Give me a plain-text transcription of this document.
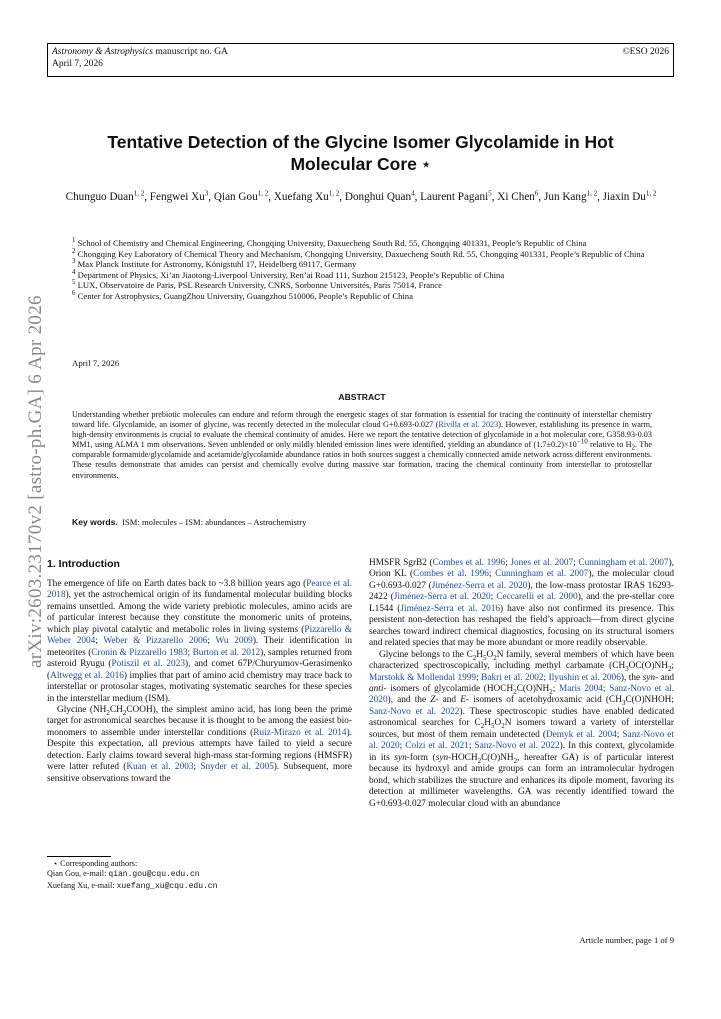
Astronomy & Astrophysics manuscript no. GA
April 7, 2026
©ESO 2026
arXiv:2603.23170v2 [astro-ph.GA] 6 Apr 2026
Tentative Detection of the Glycine Isomer Glycolamide in Hot
Molecular Core ⋆
Chunguo Duan$^{1, 2}$, Fengwei Xu$^3$, Qian Gou$^{1, 2}$, Xuefang Xu$^{1, 2}$, Donghui Quan$^4$, Laurent Pagani$^5$, Xi Chen$^6$, Jun Kang$^{1, 2}$, Jiaxin Du$^{1, 2}$
$^1$ School of Chemistry and Chemical Engineering, Chongqing University, Daxuecheng South Rd. 55, Chongqing 401331, People’s Republic of China
$^2$ Chongqing Key Laboratory of Chemical Theory and Mechanism, Chongqing University, Daxuecheng South Rd. 55, Chongqing 401331, People’s Republic of China
$^3$ Max Planck Institute for Astronomy, Königstuhl 17, Heidelberg 69117, Germany
$^4$ Department of Physics, Xi’an Jiaotong-Liverpool University, Ren’ai Road 111, Suzhou 215123, People’s Republic of China
$^5$ LUX, Observatoire de Paris, PSL Research University, CNRS, Sorbonne Universités, Paris 75014, France
$^6$ Center for Astrophysics, GuangZhou University, Guangzhou 510006, People’s Republic of China
April 7, 2026
ABSTRACT
Understanding whether prebiotic molecules can endure and reform through the energetic stages of star formation is essential for tracing the continuity of interstellar chemistry toward life. Glycolamide, an isomer of glycine, was recently detected in the molecular cloud G+0.693-0.027 (Rivilla et al. 2023). However, establishing its presence in warm, high-density environments is crucial to evaluate the chemical continuity of amides. Here we report the tentative detection of glycolamide in a hot molecular core, G358.93-0.03 MM1, using ALMA 1 mm observations. Seven unblended or only mildly blended emission lines were identified, yielding an abundance of $(1.7\pm 0.2)\times 10^{-10}$ relative to $H_2$. The comparable formamide/glycolamide and acetamide/glycolamide abundance ratios in both sources suggest a chemically connected amide network across different environments. These results demonstrate that amides can persist and chemically evolve during massive star formation, tracing the chemical continuity from interstellar to protostellar environments.
Key words. ISM: molecules – ISM: abundances – Astrochemistry
1. Introduction

The emergence of life on Earth dates back to ~3.8 billion years ago (Pearce et al. 2018), yet the astrochemical origin of its fundamental molecular building blocks remains unsettled. Among the wide variety prebiotic molecules, amino acids are of particular interest because they constitute the monomeric units of proteins, which play pivotal catalytic and metabolic roles in living systems (Pizzarello & Weber 2004; Weber & Pizzarello 2006; Wu 2009). Their identification in meteorites (Cronin & Pizzarello 1983; Burton et al. 2012), samples returned from asteroid Ryugu (Potiszil et al. 2023), and comet 67P/Churyumov-Gerasimenko (Altwegg et al. 2016) implies that part of amino acid chemistry may trace back to interstellar or protosolar stages, motivating systematic searches for these species in the interstellar medium (ISM).

Glycine $(NH_2CH_2COOH)$, the simplest amino acid, has long been the prime target for astronomical searches because it is thought to be among the easiest bio-monomers to assemble under interstellar conditions (Ruiz-Mirazo et al. 2014). Despite this expectation, all previous attempts have failed to yield a secure detection. Early claims toward several high-mass star-forming regions (HMSFR) were latter refuted (Kuan et al. 2003; Snyder et al. 2005). Subsequent, more sensitive observations toward the

HMSFR SgrB2 (Combes et al. 1996; Jones et al. 2007; Cunningham et al. 2007), Orion KL (Combes et al. 1996; Cunningham et al. 2007), the molecular cloud G+0.693-0.027 (Jiménez-Serra et al. 2020), the low-mass protostar IRAS 16293-2422 (Jiménez-Serra et al. 2020; Ceccarelli et al. 2000), and the pre-stellar core L1544 (Jiménez-Serra et al. 2016) have also not confirmed its presence. This persistent non-detection has reshaped the field’s approach—from direct glycine searches toward indirect chemical diagnostics, focusing on its structural isomers and related species that may be more abundant or more readily observable.

Glycine belongs to the $C_2H_5O_2N$ family, several members of which have been characterized spectroscopically, including methyl carbamate ($CH_3OC(O)NH_2$; Marstokk & Mollendal 1999; Bakri et al. 2002; Ilyushin et al. 2006), the syn- and anti- isomers of glycolamide ($HOCH_2C(O)NH_2$; Maris 2004; Sanz-Novo et al. 2020), and the Z- and E- isomers of acetohydroxamic acid ($CH_3C(O)NHOH$; Sanz-Novo et al. 2022). These spectroscopic studies have enabled dedicated astronomical searches for $C_2H_5O_2N$ isomers toward a variety of interstellar sources, but most of them remain undetected (Demyk et al. 2004; Sanz-Novo et al. 2020; Colzi et al. 2021; Sanz-Novo et al. 2022). In this context, glycolamide in its syn-form ($syn-HOCH_2C(O)NH_2$, hereafter GA) is of particular interest because its hydroxyl and amide groups can form an intramolecular hydrogen bond, which stabilizes the structure and enhances its dipole moment, favoring its detection at millimeter wavelengths. GA was recently identified toward the G+0.693-0.027 molecular cloud with an abundance

⋆ Corresponding authors:
Qian Gou, e-mail: qian.gou@cqu.edu.cn
Xuefang Xu, e-mail: xuefang_xu@cqu.edu.cn
Article number, page 1 of 9
